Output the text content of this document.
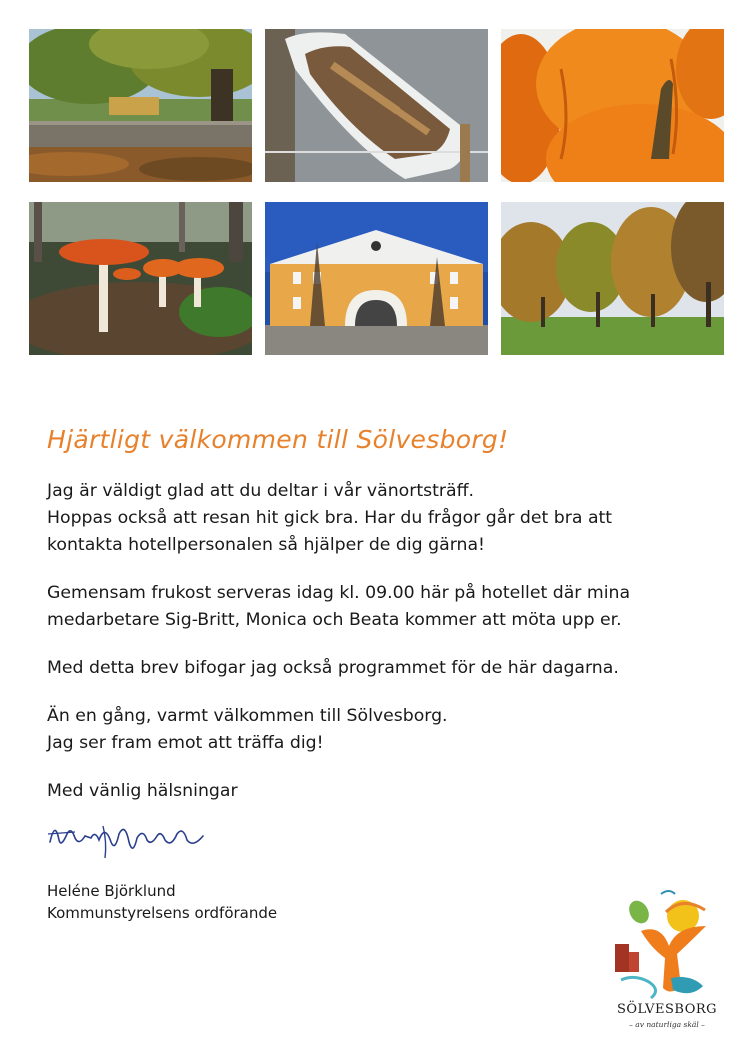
Hjärtligt välkommen till Sölvesborg!

Jag är väldigt glad att du deltar i vår vänortsträff.
Hoppas också att resan hit gick bra. Har du frågor går det bra att
kontakta hotellpersonalen så hjälper de dig gärna!

Gemensam frukost serveras idag kl. 09.00 här på hotellet där mina
medarbetare Sig-Britt, Monica och Beata kommer att möta upp er.

Med detta brev bifogar jag också programmet för de här dagarna.

Än en gång, varmt välkommen till Sölvesborg.
Jag ser fram emot att träffa dig!

Med vänlig hälsningar

Heléne Björklund
Kommunstyrelsens ordförande
SÖLVESBORG
– av naturliga skäl –
